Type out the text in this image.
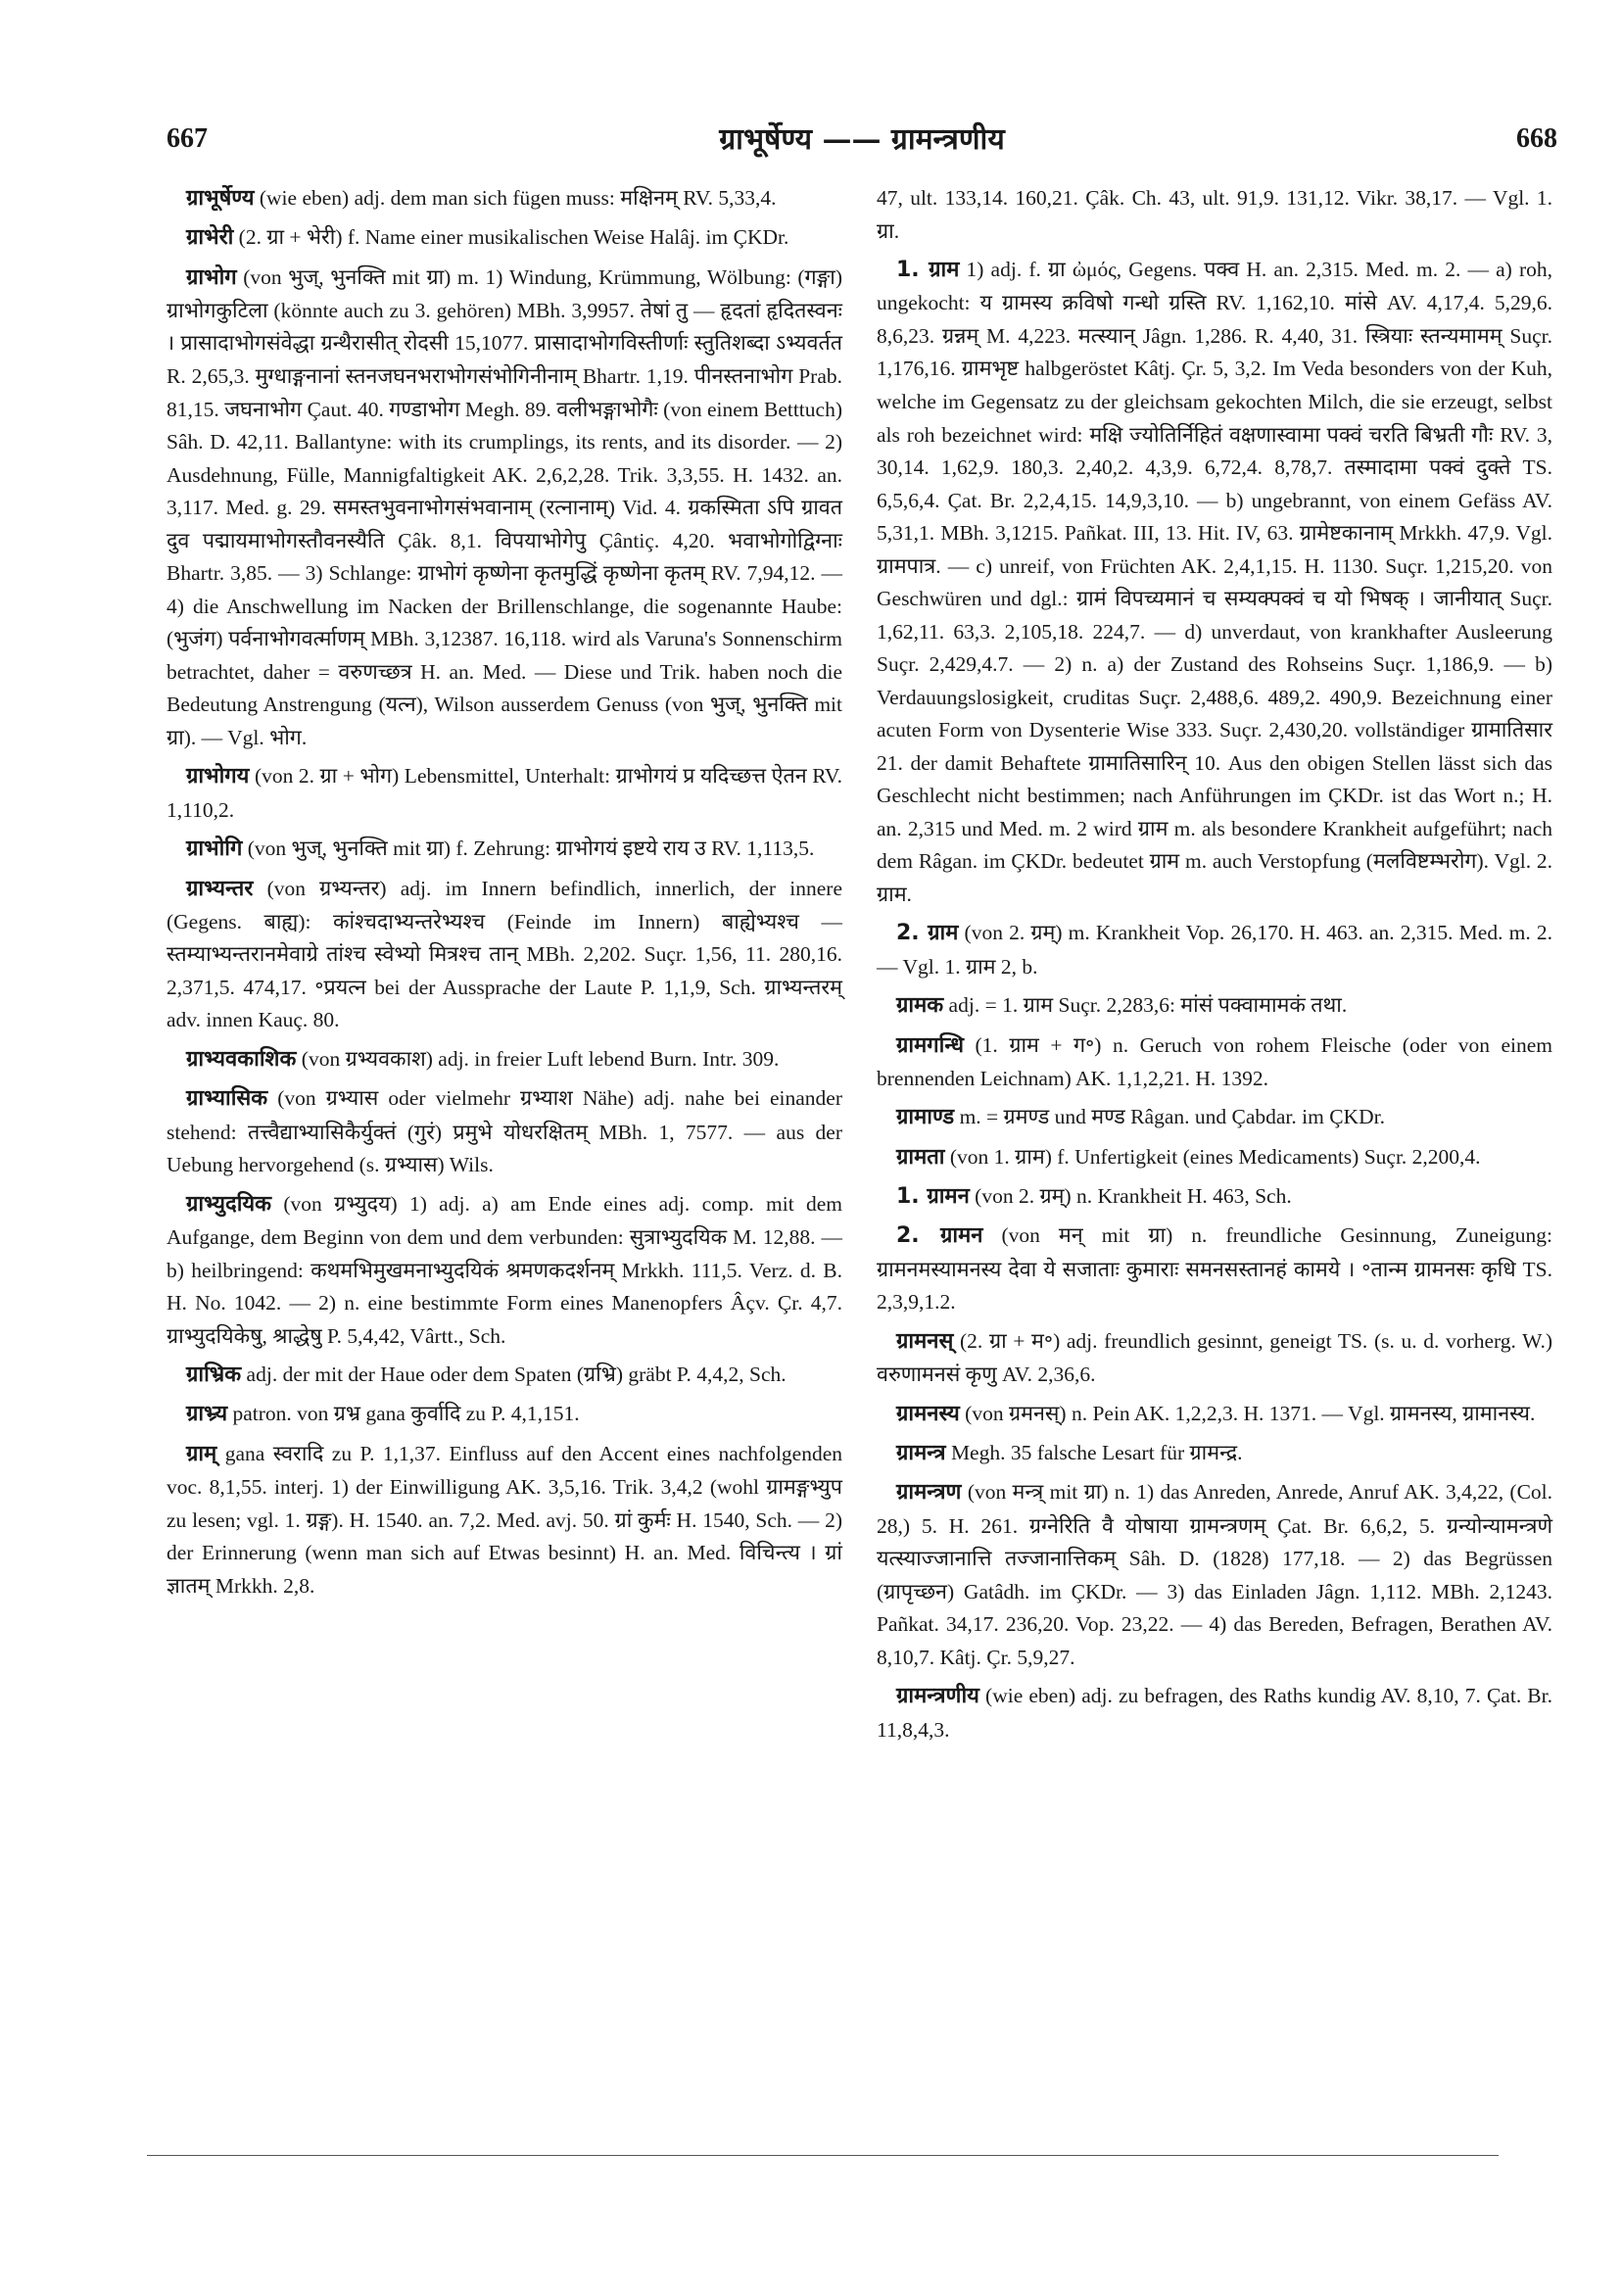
667	ग्राभूर्षेण्य —— ग्रामन्त्रणीय	668

ग्राभूर्षेण्य (wie eben) adj. dem man sich fügen muss: मक्षिनम् RV. 5,33,4.

ग्राभेरी (2. ग्रा + भेरी) f. Name einer musikalischen Weise Halâj. im ÇKDr.

ग्राभोग (von भुज्, भुनक्ति mit ग्रा) m. 1) Windung, Krümmung, Wölbung: (गङ्गा) ग्राभोगकुटिला (könnte auch zu 3. gehören) MBh. 3,9957. तेषां तु — हृदतां हृदितस्वनः । प्रासादाभोगसंवेद्धा ग्रन्थैरासीत् रोदसी 15,1077. प्रासादाभोगविस्तीर्णाः स्तुतिशब्दा ऽभ्यवर्तत R. 2,65,3. मुग्धाङ्गनानां स्तनजघनभराभोगसंभोगिनीनाम् Bhartr. 1,19. पीनस्तनाभोग Prab. 81,15. जघनाभोग Çaut. 40. गण्डाभोग Megh. 89. वलीभङ्गाभोगैः (von einem Betttuch) Sâh. D. 42,11. Ballantyne: with its crumplings, its rents, and its disorder. — 2) Ausdehnung, Fülle, Mannigfaltigkeit AK. 2,6,2,28. Trik. 3,3,55. H. 1432. an. 3,117. Med. g. 29. समस्तभुवनाभोगसंभवानाम् (रत्नानाम्) Vid. 4. ग्रकस्मिता ऽपि ग्रावत दुव पद्मायमाभोगस्तौवनस्यैति Çâk. 8,1. विपयाभोगेपु Çântiç. 4,20. भवाभोगोद्विग्नाः Bhartr. 3,85. — 3) Schlange: ग्राभोगं कृष्णेना कृतमुद्धिं कृष्णेना कृतम् RV. 7,94,12. — 4) die Anschwellung im Nacken der Brillenschlange, die sogenannte Haube: (भुजंग) पर्वनाभोगवर्त्माणम् MBh. 3,12387. 16,118. wird als Varuna's Sonnenschirm betrachtet, daher = वरुणच्छत्र H. an. Med. — Diese und Trik. haben noch die Bedeutung Anstrengung (यत्न), Wilson ausserdem Genuss (von भुज्, भुनक्ति mit ग्रा). — Vgl. भोग.

ग्राभोगय (von 2. ग्रा + भोग) Lebensmittel, Unterhalt: ग्राभोगयं प्र यदिच्छत्त ऐतन RV. 1,110,2.

ग्राभोगि (von भुज्, भुनक्ति mit ग्रा) f. Zehrung: ग्राभोगयं इष्टये राय उ RV. 1,113,5.

ग्राभ्यन्तर (von ग्रभ्यन्तर) adj. im Innern befindlich, innerlich, der innere (Gegens. बाह्य): कांश्चदाभ्यन्तरेभ्यश्च (Feinde im Innern) बाह्येभ्यश्च — स्तम्याभ्यन्तरानमेवाग्रे तांश्च स्वेभ्यो मित्रश्च तान् MBh. 2,202. Suçr. 1,56, 11. 280,16. 2,371,5. 474,17. ॰प्रयत्न bei der Aussprache der Laute P. 1,1,9, Sch. ग्राभ्यन्तरम् adv. innen Kauç. 80.

ग्राभ्यवकाशिक (von ग्रभ्यवकाश) adj. in freier Luft lebend Burn. Intr. 309.

ग्राभ्यासिक (von ग्रभ्यास oder vielmehr ग्रभ्याश Nähe) adj. nahe bei einander stehend: तत्त्वैद्याभ्यासिकैर्युक्तं (गुरं) प्रमुभे योधरक्षितम् MBh. 1, 7577. — aus der Uebung hervorgehend (s. ग्रभ्यास) Wils.

ग्राभ्युदयिक (von ग्रभ्युदय) 1) adj. a) am Ende eines adj. comp. mit dem Aufgange, dem Beginn von dem und dem verbunden: सुत्राभ्युदयिक M. 12,88. — b) heilbringend: कथमभिमुखमनाभ्युदयिकं श्रमणकदर्शनम् Mrkkh. 111,5. Verz. d. B. H. No. 1042. — 2) n. eine bestimmte Form eines Manenopfers Âçv. Çr. 4,7. ग्राभ्युदयिकेषु, श्राद्धेषु P. 5,4,42, Vârtt., Sch.

ग्राभ्रिक adj. der mit der Haue oder dem Spaten (ग्रभ्रि) gräbt P. 4,4,2, Sch.

ग्राभ्र्य patron. von ग्रभ्र gana कुर्वादि zu P. 4,1,151.

ग्राम् gana स्वरादि zu P. 1,1,37. Einfluss auf den Accent eines nachfolgenden voc. 8,1,55. interj. 1) der Einwilligung AK. 3,5,16. Trik. 3,4,2 (wohl ग्रामङ्गभ्युप zu lesen; vgl. 1. ग्रङ्ग). H. 1540. an. 7,2. Med. avj. 50. ग्रां कुर्मः H. 1540, Sch. — 2) der Erinnerung (wenn man sich auf Etwas besinnt) H. an. Med. विचिन्त्य । ग्रां ज्ञातम् Mrkkh. 2,8.

47, ult. 133,14. 160,21. Çâk. Ch. 43, ult. 91,9. 131,12. Vikr. 38,17. — Vgl. 1. ग्रा.

1. ग्राम 1) adj. f. ग्रा ὠμός, Gegens. पक्व H. an. 2,315. Med. m. 2. — a) roh, ungekocht: य ग्रामस्य क्रविषो गन्धो ग्रस्ति RV. 1,162,10. मांसे AV. 4,17,4. 5,29,6. 8,6,23. ग्रन्नम् M. 4,223. मत्स्यान् Jâgn. 1,286. R. 4,40, 31. स्त्रियाः स्तन्यमामम् Suçr. 1,176,16. ग्रामभृष्ट halbgeröstet Kâtj. Çr. 5, 3,2. Im Veda besonders von der Kuh, welche im Gegensatz zu der gleichsam gekochten Milch, die sie erzeugt, selbst als roh bezeichnet wird: मक्षि ज्योतिर्निहितं वक्षणास्वामा पक्वं चरति बिभ्रती गौः RV. 3, 30,14. 1,62,9. 180,3. 2,40,2. 4,3,9. 6,72,4. 8,78,7. तस्मादामा पक्वं दुक्ते TS. 6,5,6,4. Çat. Br. 2,2,4,15. 14,9,3,10. — b) ungebrannt, von einem Gefäss AV. 5,31,1. MBh. 3,1215. Pañkat. III, 13. Hit. IV, 63. ग्रामेष्टकानाम् Mrkkh. 47,9. Vgl. ग्रामपात्र. — c) unreif, von Früchten AK. 2,4,1,15. H. 1130. Suçr. 1,215,20. von Geschwüren und dgl.: ग्रामं विपच्यमानं च सम्यक्पक्वं च यो भिषक् । जानीयात् Suçr. 1,62,11. 63,3. 2,105,18. 224,7. — d) unverdaut, von krankhafter Ausleerung Suçr. 2,429,4.7. — 2) n. a) der Zustand des Rohseins Suçr. 1,186,9. — b) Verdauungslosigkeit, cruditas Suçr. 2,488,6. 489,2. 490,9. Bezeichnung einer acuten Form von Dysenterie Wise 333. Suçr. 2,430,20. vollständiger ग्रामातिसार 21. der damit Behaftete ग्रामातिसारिन् 10. Aus den obigen Stellen lässt sich das Geschlecht nicht bestimmen; nach Anführungen im ÇKDr. ist das Wort n.; H. an. 2,315 und Med. m. 2 wird ग्राम m. als besondere Krankheit aufgeführt; nach dem Râgan. im ÇKDr. bedeutet ग्राम m. auch Verstopfung (मलविष्टम्भरोग). Vgl. 2. ग्राम.

2. ग्राम (von 2. ग्रम्) m. Krankheit Vop. 26,170. H. 463. an. 2,315. Med. m. 2. — Vgl. 1. ग्राम 2, b.

ग्रामक adj. = 1. ग्राम Suçr. 2,283,6: मांसं पक्वामामकं तथा.

ग्रामगन्धि (1. ग्राम + ग॰) n. Geruch von rohem Fleische (oder von einem brennenden Leichnam) AK. 1,1,2,21. H. 1392.

ग्रामाण्ड m. = ग्रमण्ड und मण्ड Râgan. und Çabdar. im ÇKDr.

ग्रामता (von 1. ग्राम) f. Unfertigkeit (eines Medicaments) Suçr. 2,200,4.

1. ग्रामन (von 2. ग्रम्) n. Krankheit H. 463, Sch.

2. ग्रामन (von मन् mit ग्रा) n. freundliche Gesinnung, Zuneigung: ग्रामनमस्यामनस्य देवा ये सजाताः कुमाराः समनसस्तानहं कामये । ॰तान्म ग्रामनसः कृधि TS. 2,3,9,1.2.

ग्रामनस् (2. ग्रा + म॰) adj. freundlich gesinnt, geneigt TS. (s. u. d. vorherg. W.) वरुणामनसं कृणु AV. 2,36,6.

ग्रामनस्य (von ग्रमनस्) n. Pein AK. 1,2,2,3. H. 1371. — Vgl. ग्रामनस्य, ग्रामानस्य.

ग्रामन्त्र Megh. 35 falsche Lesart für ग्रामन्द्र.

ग्रामन्त्रण (von मन्त्र् mit ग्रा) n. 1) das Anreden, Anrede, Anruf AK. 3,4,22, (Col. 28,) 5. H. 261. ग्रग्नेरिति वै योषाया ग्रामन्त्रणम् Çat. Br. 6,6,2, 5. ग्रन्योन्यामन्त्रणे यत्स्याज्जानात्ति तज्जानात्तिकम् Sâh. D. (1828) 177,18. — 2) das Begrüssen (ग्रापृच्छन) Gatâdh. im ÇKDr. — 3) das Einladen Jâgn. 1,112. MBh. 2,1243. Pañkat. 34,17. 236,20. Vop. 23,22. — 4) das Bereden, Befragen, Berathen AV. 8,10,7. Kâtj. Çr. 5,9,27.

ग्रामन्त्रणीय (wie eben) adj. zu befragen, des Raths kundig AV. 8,10, 7. Çat. Br. 11,8,4,3.
